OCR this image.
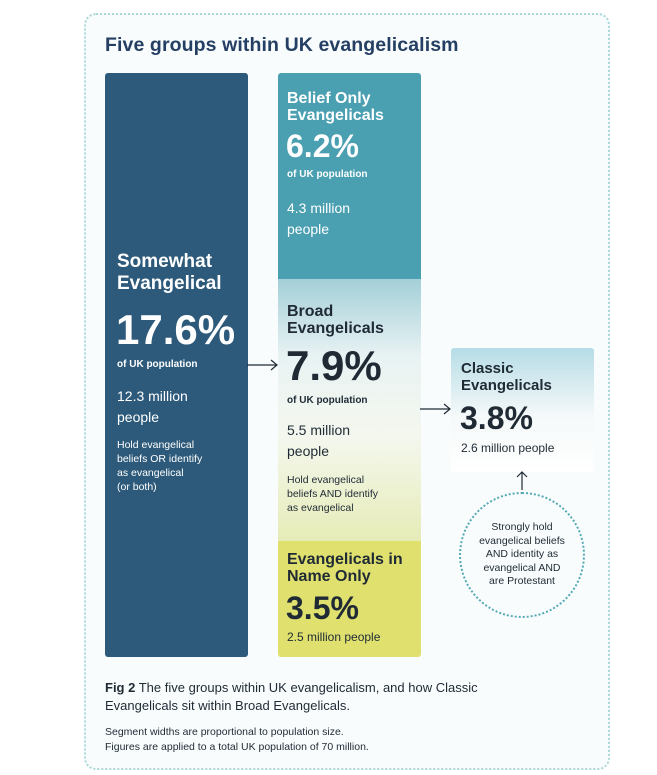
Five groups within UK evangelicalism

Somewhat

Evangelical

17.6%

of UK population

12.3 million

people

Hold evangelical

beliefs OR identify

as evangelical

(or both)

Belief Only

Evangelicals

6.2%

of UK population

4.3 million

people

Broad

Evangelicals

7.9%

of UK population

5.5 million

people

Hold evangelical

beliefs AND identify

as evangelical

Evangelicals in

Name Only

3.5%

2.5 million people

Classic

Evangelicals

3.8%

2.6 million people

Strongly hold
evangelical beliefs
AND identity as
evangelical AND
are Protestant
Fig 2 The five groups within UK evangelicalism, and how Classic Evangelicals sit within Broad Evangelicals.
Segment widths are proportional to population size.
Figures are applied to a total UK population of 70 million.
